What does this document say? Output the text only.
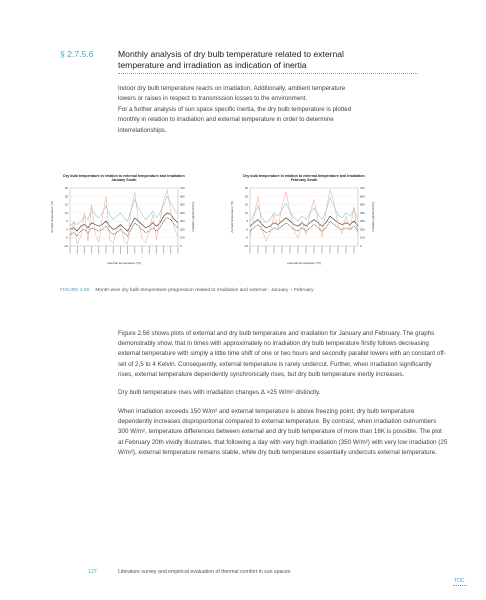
§ 2.7.5.6	Monthly analysis of dry bulb temperature related to external
temperature and irradiation as indication of inertia

Indoor dry bulb temperature reacts on irradiation. Additionally, ambient temperature

lowers or raises in respect to transmission losses to the environment.

For a further analysis of sun space specific inertia, the dry bulb temperature is plotted

monthly in relation to irradiation and external temperature in order to determine

interrelationships.

Dry bulb temperature in relation to external temperature and irradiation
January South
-10	0
-5	100
0	200
5	300
10	400
15	500
20	600
25	700
external temperature [°C]
dry bulb temperature [°C]	irradiation global [W/m²]
Dry bulb temperature in relation to external temperature and irradiation
February South
-10	0
-5	100
0	200
5	300
10	400
15	500
20	600
25	700
external temperature [°C]
dry bulb temperature [°C]	irradiation global [W/m²]
FIGURE 2.56 Month-wise dry bulb temperature progression related to irradiation and external - January + February

Figure 2.56 shows plots of external and dry bulb temperature and irradiation for January and February. The graphs demonstrably show, that in times with approximately no irradiation dry bulb temperature firstly follows decreasing external temperature with simply a little time shift of one or two hours and secondly parallel lowers with an constant off-set of 2,5 to 4 Kelvin. Consequently, external temperature is rarely undercut. Further, when irradiation significantly rises, external temperature dependently synchronically rises, but dry bulb temperature inertly increases.

Dry bulb temperature rises with irradiation changes Δ >25 W/m² distinctly.

When irradiation exceeds 150 W/m² and external temperature is above freezing point, dry bulb temperature dependently increases disproportional compared to external temperature. By contrast, when irradiation outnumbers 300 W/m², temperature differences between external and dry bulb temperature of more than 16K is possible. The plot at February 20th vividly illustrates, that following a day with very high irradiation (350 W/m²) with very low irradiation (25 W/m²), external temperature remains stable, while dry bulb temperature essentially undercuts external temperature.

127	Literature survey and empirical evaluation of thermal comfort in sun spaces
TOC
